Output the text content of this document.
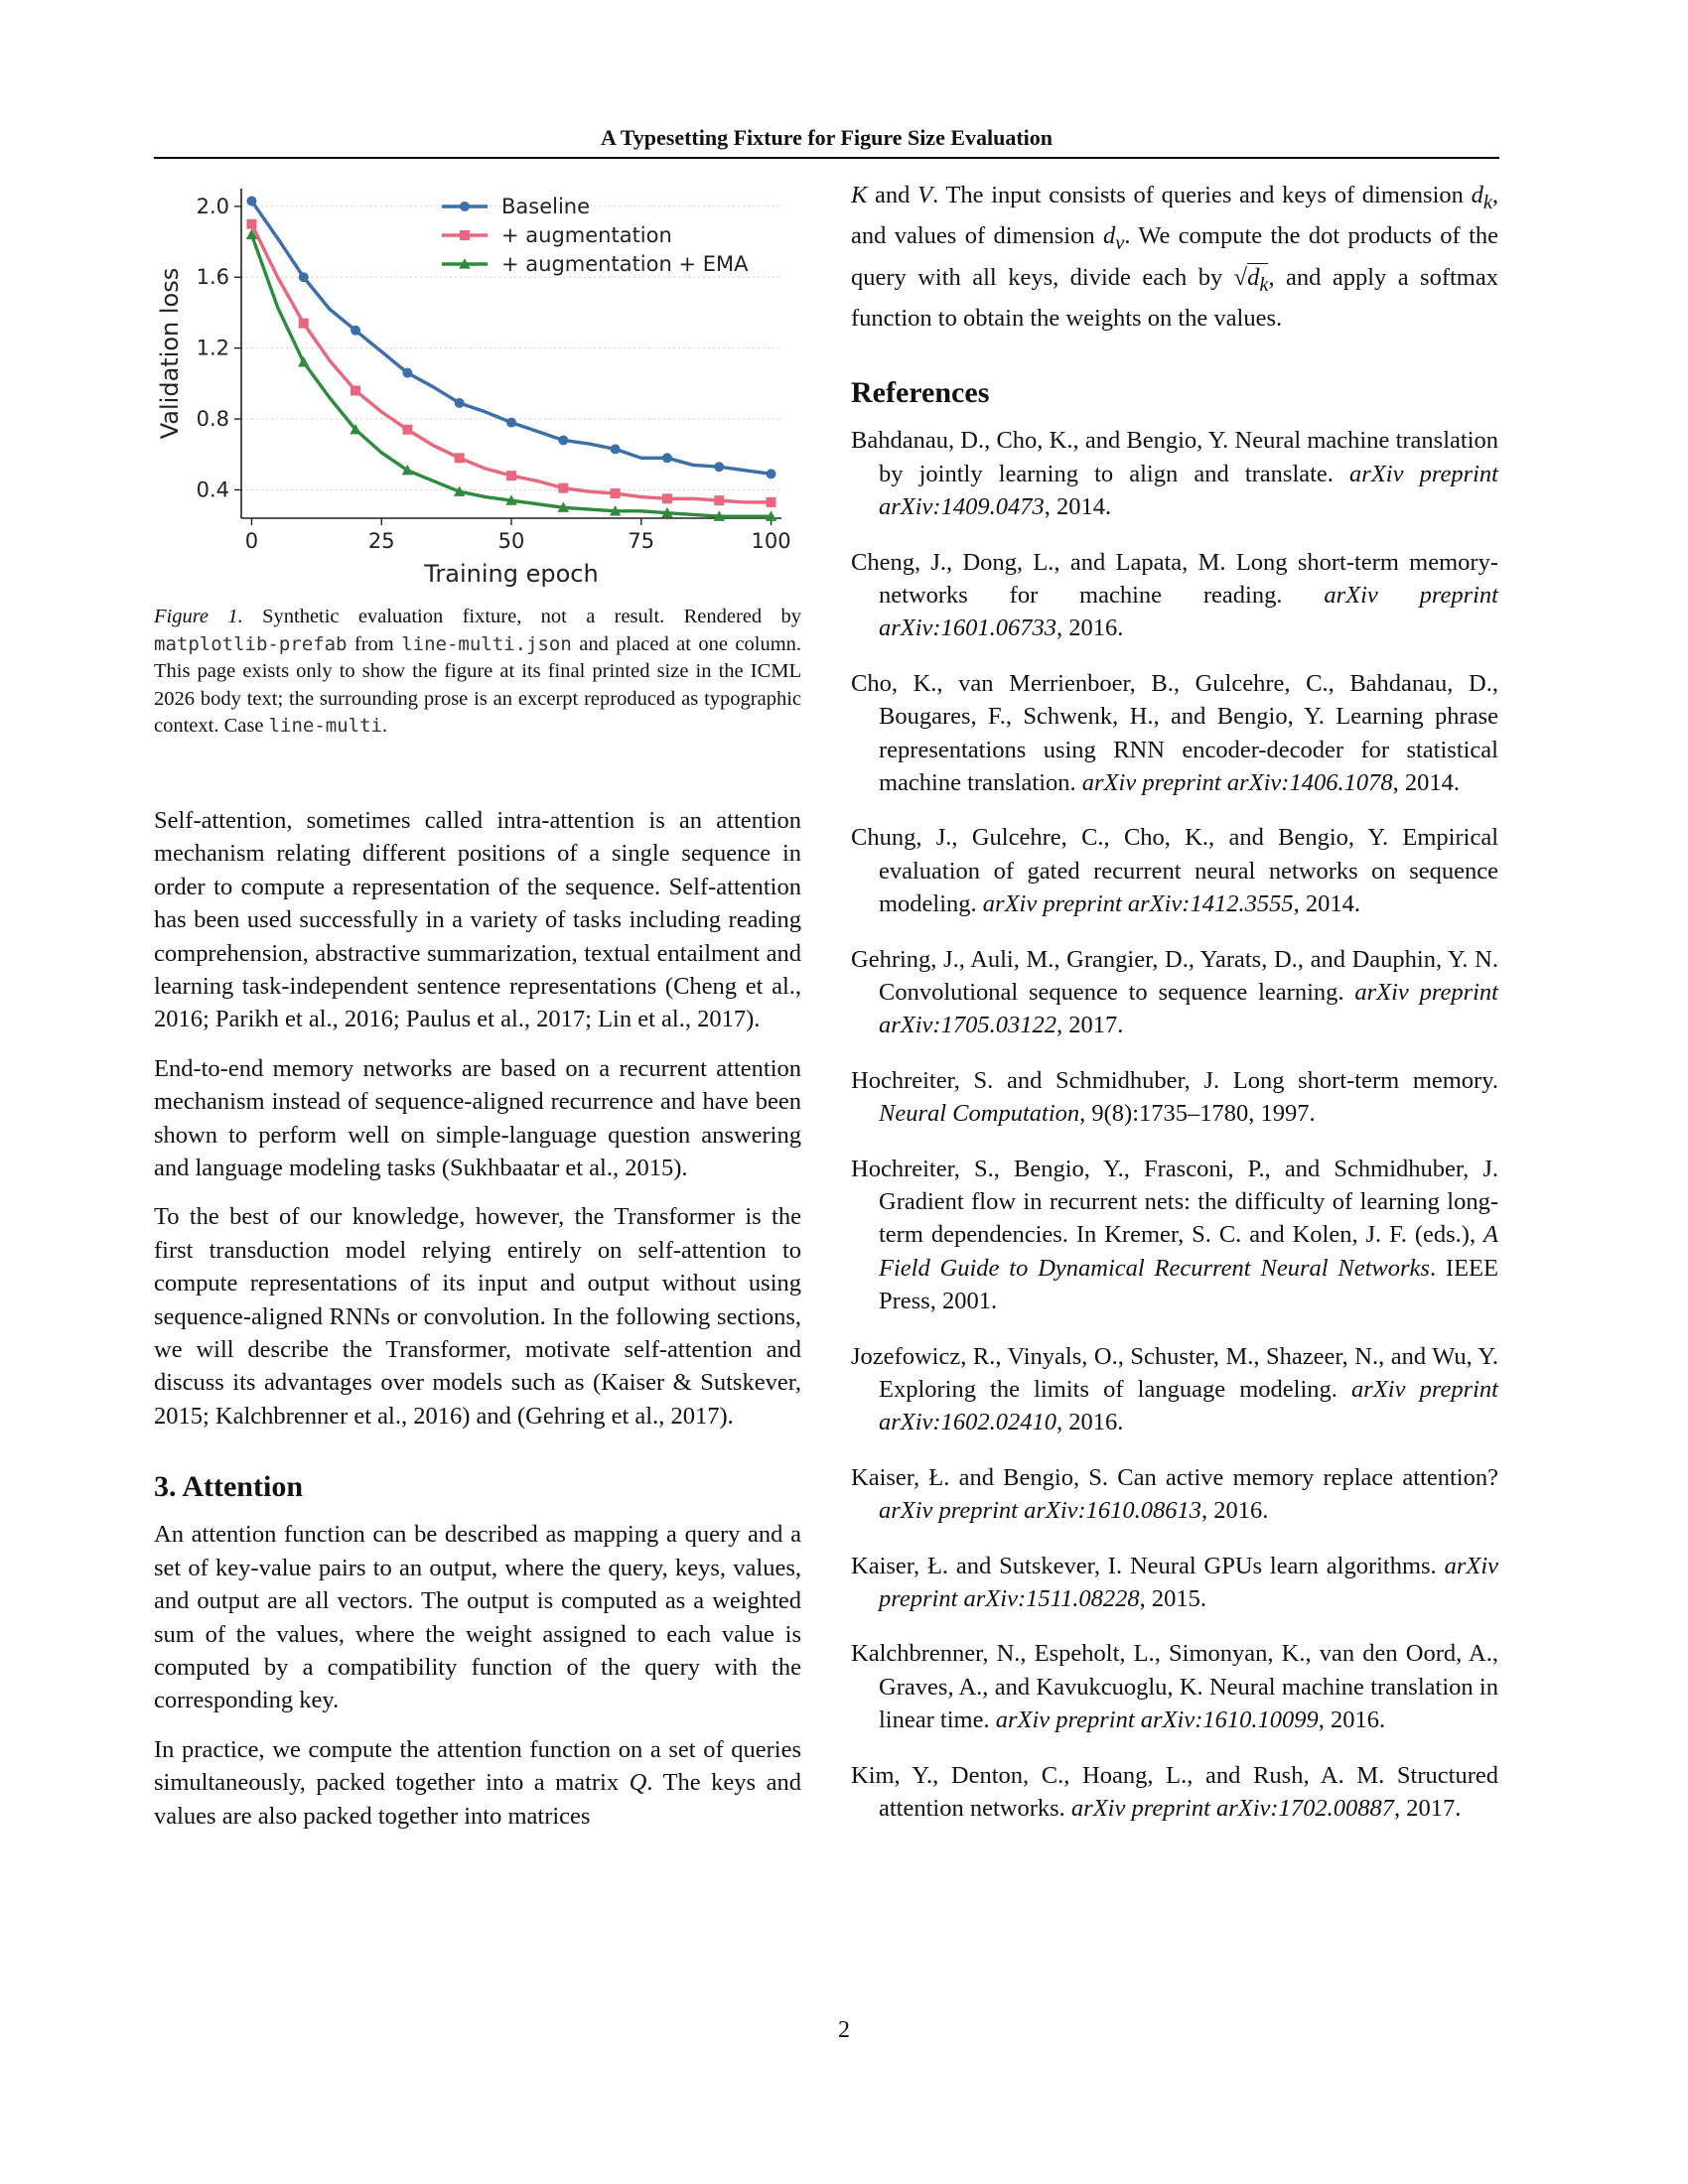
A Typesetting Fixture for Figure Size Evaluation
0.4
0.8
1.2
1.6
2.0
0	25	50	75	100
Training epoch
Validation loss
Baseline
+ augmentation
+ augmentation + EMA
Figure 1. Synthetic evaluation fixture, not a result. Rendered by matplotlib-prefab from line-multi.json and placed at one column. This page exists only to show the figure at its final printed size in the ICML 2026 body text; the surrounding prose is an excerpt reproduced as typographic context. Case line-multi.

Self-attention, sometimes called intra-attention is an attention mechanism relating different positions of a single sequence in order to compute a representation of the sequence. Self-attention has been used successfully in a variety of tasks including reading comprehension, abstractive summarization, textual entailment and learning task-independent sentence representations (Cheng et al., 2016; Parikh et al., 2016; Paulus et al., 2017; Lin et al., 2017).

End-to-end memory networks are based on a recurrent attention mechanism instead of sequence-aligned recurrence and have been shown to perform well on simple-language question answering and language modeling tasks (Sukhbaatar et al., 2015).

To the best of our knowledge, however, the Transformer is the first transduction model relying entirely on self-attention to compute representations of its input and output without using sequence-aligned RNNs or convolution. In the following sections, we will describe the Transformer, motivate self-attention and discuss its advantages over models such as (Kaiser & Sutskever, 2015; Kalchbrenner et al., 2016) and (Gehring et al., 2017).

3. Attention

An attention function can be described as mapping a query and a set of key-value pairs to an output, where the query, keys, values, and output are all vectors. The output is computed as a weighted sum of the values, where the weight assigned to each value is computed by a compatibility function of the query with the corresponding key.

In practice, we compute the attention function on a set of queries simultaneously, packed together into a matrix Q. The keys and values are also packed together into matrices

K and V. The input consists of queries and keys of dimension $d_k$, and values of dimension $d_v$. We compute the dot products of the query with all keys, divide each by $√d_k$, and apply a softmax function to obtain the weights on the values.

References
Bahdanau, D., Cho, K., and Bengio, Y. Neural machine translation by jointly learning to align and translate. arXiv preprint arXiv:1409.0473, 2014.
Cheng, J., Dong, L., and Lapata, M. Long short-term memory-networks for machine reading. arXiv preprint arXiv:1601.06733, 2016.
Cho, K., van Merrienboer, B., Gulcehre, C., Bahdanau, D., Bougares, F., Schwenk, H., and Bengio, Y. Learning phrase representations using RNN encoder-decoder for statistical machine translation. arXiv preprint arXiv:1406.1078, 2014.
Chung, J., Gulcehre, C., Cho, K., and Bengio, Y. Empirical evaluation of gated recurrent neural networks on sequence modeling. arXiv preprint arXiv:1412.3555, 2014.
Gehring, J., Auli, M., Grangier, D., Yarats, D., and Dauphin, Y. N. Convolutional sequence to sequence learning. arXiv preprint arXiv:1705.03122, 2017.
Hochreiter, S. and Schmidhuber, J. Long short-term memory. Neural Computation, 9(8):1735–1780, 1997.
Hochreiter, S., Bengio, Y., Frasconi, P., and Schmidhuber, J. Gradient flow in recurrent nets: the difficulty of learning long-term dependencies. In Kremer, S. C. and Kolen, J. F. (eds.), A Field Guide to Dynamical Recurrent Neural Networks. IEEE Press, 2001.
Jozefowicz, R., Vinyals, O., Schuster, M., Shazeer, N., and Wu, Y. Exploring the limits of language modeling. arXiv preprint arXiv:1602.02410, 2016.
Kaiser, Ł. and Bengio, S. Can active memory replace attention? arXiv preprint arXiv:1610.08613, 2016.
Kaiser, Ł. and Sutskever, I. Neural GPUs learn algorithms. arXiv preprint arXiv:1511.08228, 2015.
Kalchbrenner, N., Espeholt, L., Simonyan, K., van den Oord, A., Graves, A., and Kavukcuoglu, K. Neural machine translation in linear time. arXiv preprint arXiv:1610.10099, 2016.
Kim, Y., Denton, C., Hoang, L., and Rush, A. M. Structured attention networks. arXiv preprint arXiv:1702.00887, 2017.
2
